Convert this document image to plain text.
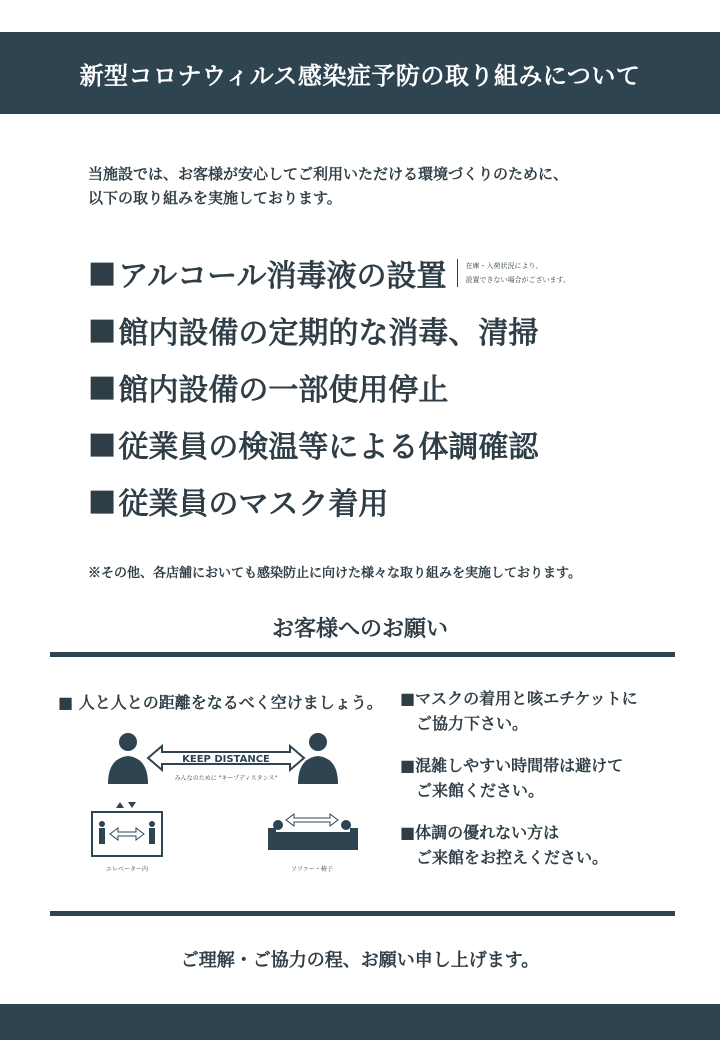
新型コロナウィルス感染症予防の取り組みについて
当施設では、お客様が安心してご利用いただける環境づくりのために、
以下の取り組みを実施しております。
■ アルコール消毒液の設置	在庫・入荷状況により、
設置できない場合がございます。
■ 館内設備の定期的な消毒、清掃
■ 館内設備の一部使用停止
■ 従業員の検温等による体調確認
■ 従業員のマスク着用
※その他、各店舗においても感染防止に向けた様々な取り組みを実施しております。
お客様へのお願い
■ 人と人との距離をなるべく空けましょう。
KEEP DISTANCE
みんなのために "キープディスタンス"
エレベーター内	ソファー・椅子
■マスクの着用と咳エチケットに
ご協力下さい。
■混雑しやすい時間帯は避けて
ご来館ください。
■体調の優れない方は
ご来館をお控えください。
ご理解・ご協力の程、お願い申し上げます。
